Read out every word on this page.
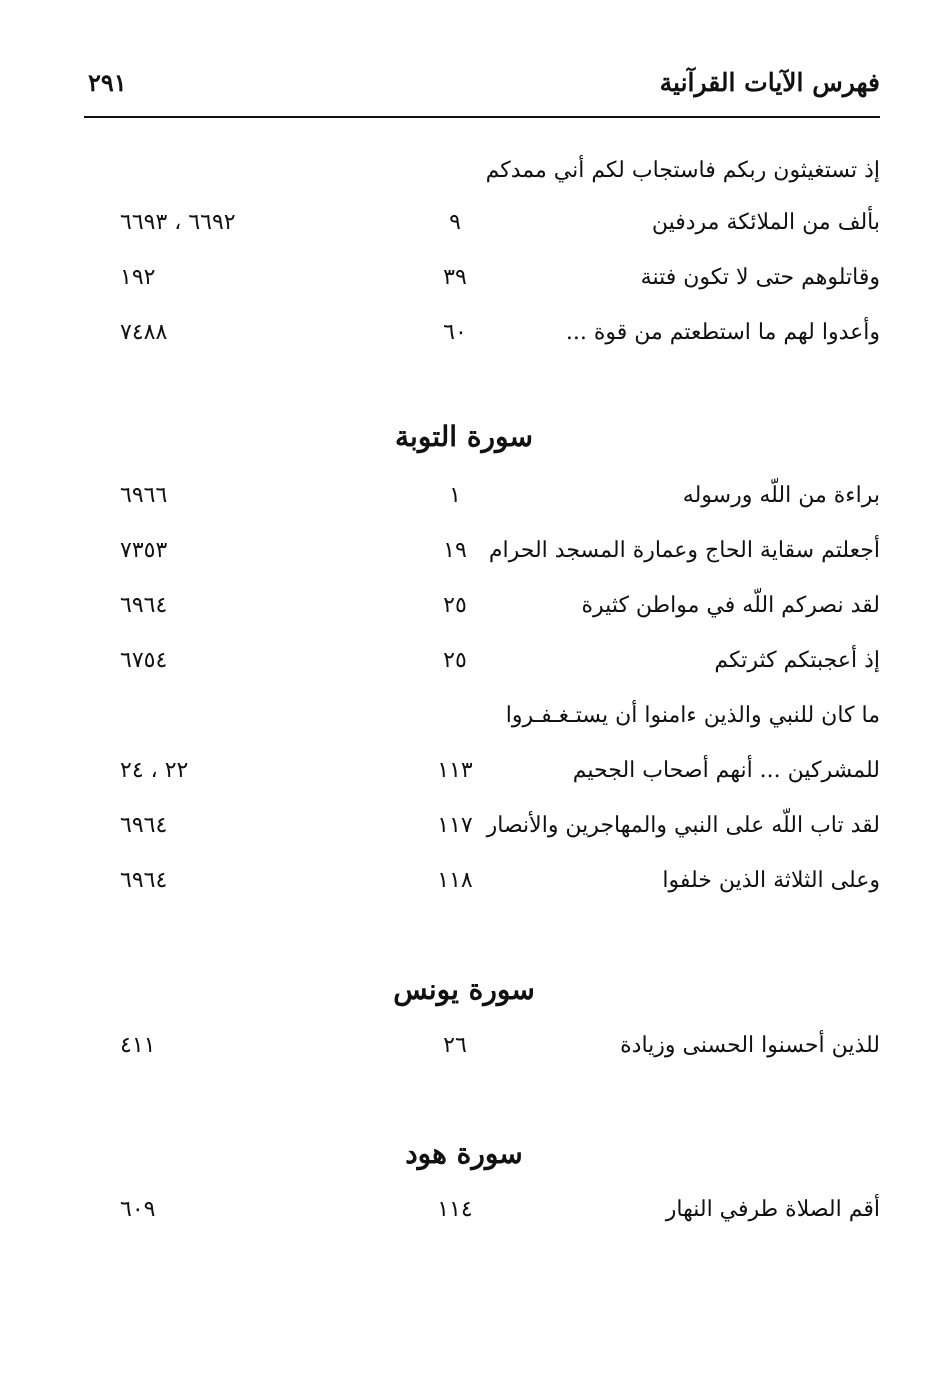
فهرس الآيات القرآنية
٢٩١
إذ تستغيثون ربكم فاستجاب لكم أني ممدكم
بألف من الملائكة مردفين
٩
٦٦٩٢ ، ٦٦٩٣
وقاتلوهم حتى لا تكون فتنة
٣٩
١٩٢
وأعدوا لهم ما استطعتم من قوة ...
٦٠
٧٤٨٨
سورة التوبة
براءة من اللّه ورسوله
١
٦٩٦٦
أجعلتم سقاية الحاج وعمارة المسجد الحرام
١٩
٧٣٥٣
لقد نصركم اللّه في مواطن كثيرة
٢٥
٦٩٦٤
إذ أعجبتكم كثرتكم
٢٥
٦٧٥٤
ما كان للنبي والذين ءامنوا أن يستـغـفـروا
للمشركين ... أنهم أصحاب الجحيم
١١٣
٢٢ ، ٢٤
لقد تاب اللّه على النبي والمهاجرين والأنصار
١١٧
٦٩٦٤
وعلى الثلاثة الذين خلفوا
١١٨
٦٩٦٤
سورة يونس
للذين أحسنوا الحسنى وزيادة
٢٦
٤١١
سورة هود
أقم الصلاة طرفي النهار
١١٤
٦٠٩
